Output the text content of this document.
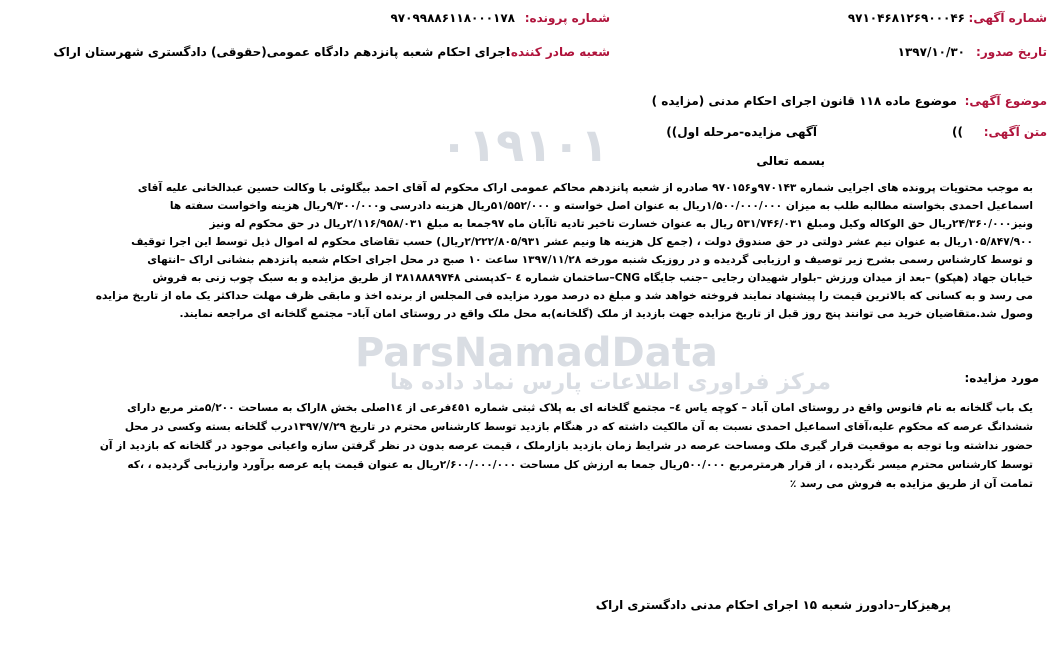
۰۱۹۱۰۱
ParsNamadData
مرکز فراوری اطلاعات پارس نماد داده ها
شماره آگهی:
۹۷۱۰۴۶۸۱۲۶۹۰۰۰۴۶
تاریخ صدور:
۱۳۹۷/۱۰/۳۰
شماره پرونده:
۹۷۰۹۹۸۸۶۱۱۸۰۰۰۱۷۸
شعبه صادر کننده:
اجرای احکام شعبه پانزدهم دادگاه عمومی(حقوقی) دادگستری شهرستان اراک
موضوع آگهی:
موضوع ماده ۱۱۸ قانون اجرای احکام مدنی (مزایده )
متن آگهی:
))
آگهی مزایده-مرحله اول))
بسمه تعالی
به موجب محتویات پرونده های اجرایی شماره ۹۷۰۱۴۳و۹۷۰۱۵۶ صادره از شعبه پانزدهم محاکم عمومی اراک محکوم له آقای احمد بیگلوئی با وکالت حسین عبدالخانی علیه آقای
اسماعیل احمدی بخواسته مطالبه طلب به میزان ۱/۵۰۰/۰۰۰/۰۰۰ریال به عنوان اصل خواسته و ۵۱/۵۵۲/۰۰۰ریال هزینه دادرسی و۹/۳۰۰/۰۰۰ریال هزینه واخواست سفته ها
ونیز۲۴/۳۶۰/۰۰۰ریال حق الوکاله وکیل ومبلغ ۵۳۱/۷۴۶/۰۳۱ ریال به عنوان خسارت تاخیر تادیه تاآبان ماه ۹۷جمعا به مبلغ ۲/۱۱۶/۹۵۸/۰۳۱ریال در حق محکوم له ونیز
۱۰۵/۸۴۷/۹۰۰ریال به عنوان نیم عشر دولتی در حق صندوق دولت ، (جمع کل هزینه ها ونیم عشر ۲/۲۲۲/۸۰۵/۹۳۱ریال) حسب تقاضای محکوم له اموال ذیل توسط این اجرا توقیف
و توسط کارشناس رسمی بشرح زیر توصیف و ارزیابی گردیده و در روزیک شنبه مورخه ۱۳۹۷/۱۱/۲۸ ساعت ۱۰ صبح در محل اجرای احکام شعبه پانزدهم بنشانی اراک –انتهای
خیابان جهاد (هپکو) –بعد از میدان ورزش –بلوار شهیدان رجایی –جنب جایگاه CNG–ساختمان شماره ٤ –کدپستی ۳۸۱۸۸۸۹۷۴۸ از طریق مزایده و به سبک چوب زنی به فروش
می رسد و به کسانی که بالاترین قیمت را پیشنهاد نمایند فروخته خواهد شد و مبلغ ده درصد مورد مزایده فی المجلس از برنده اخذ و مابقی ظرف مهلت حداکثر یک ماه از تاریخ مزایده
وصول شد.متقاضیان خرید می توانند پنج روز قبل از تاریخ مزایده جهت بازدید از ملک (گلخانه)به محل ملک واقع در روستای امان آباد– مجتمع گلخانه ای مراجعه نمایند.
مورد مزایده:
یک باب گلخانه به نام فانوس واقع در روستای امان آباد – کوچه یاس ٤– مجتمع گلخانه ای به پلاک ثبتی شماره ٤٥۱فرعی از ۱٤اصلی بخش ۸اراک به مساحت ۵/۲۰۰متر مربع دارای
ششدانگ عرصه که محکوم علیه،آقای اسماعیل احمدی نسبت به آن مالکیت داشته که در هنگام بازدید توسط کارشناس محترم در تاریخ ۱۳۹۷/۷/۲۹درب گلخانه بسته وکسی در محل
حضور نداشته وبا توجه به موقعیت قرار گیری ملک ومساحت عرصه در شرایط زمان بازدید بازارملک ، قیمت عرصه بدون در نظر گرفتن سازه واعیانی موجود در گلخانه که بازدید از آن
توسط کارشناس محترم میسر نگردیده ، از قرار هرمترمربع ۵۰۰/۰۰۰ریال جمعا به ارزش کل مساحت ۲/۶۰۰/۰۰۰/۰۰۰ریال به عنوان قیمت پایه عرصه برآورد وارزیابی گردیده ، ،که
تمامت آن از طریق مزایده به فروش می رسد ٪
پرهیزکار–دادورز شعبه ۱۵ اجرای احکام مدنی دادگستری اراک
